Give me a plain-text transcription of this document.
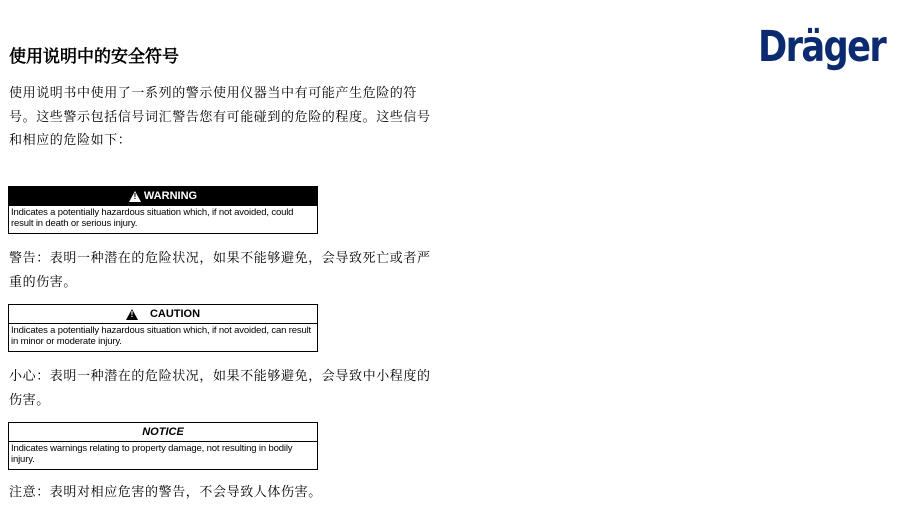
Dräger
使用说明中的安全符号
使用说明书中使用了一系列的警示使用仪器当中有可能产生危险的符号。这些警示包括信号词汇警告您有可能碰到的危险的程度。这些信号和相应的危险如下：
! WARNING
Indicates a potentially hazardous situation which, if not avoided, could result in death or serious injury.
警告：表明一种潜在的危险状况，如果不能够避免，会导致死亡或者严重的伤害。
! CAUTION
Indicates a potentially hazardous situation which, if not avoided, can result in minor or moderate injury.
小心：表明一种潜在的危险状况，如果不能够避免，会导致中小程度的伤害。
NOTICE
Indicates warnings relating to property damage, not resulting in bodily injury.
注意：表明对相应危害的警告，不会导致人体伤害。
